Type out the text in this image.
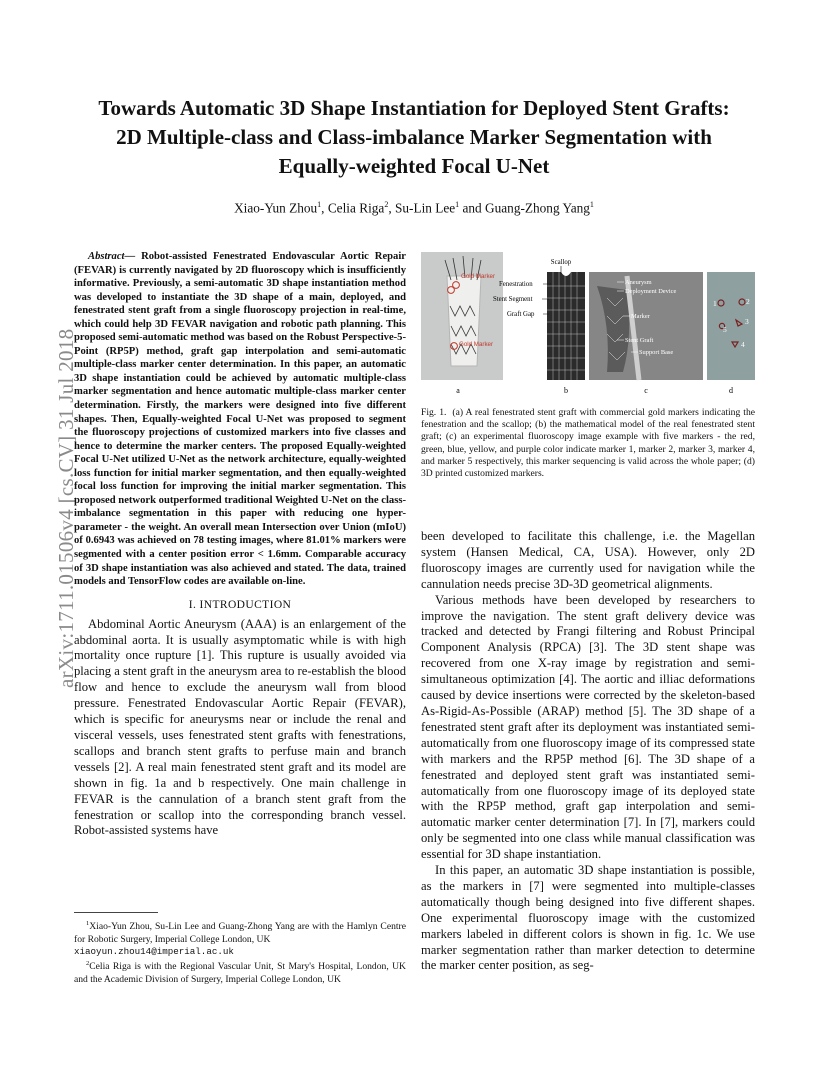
arXiv:1711.01506v4 [cs.CV] 31 Jul 2018
Towards Automatic 3D Shape Instantiation for Deployed Stent Grafts:
2D Multiple-class and Class-imbalance Marker Segmentation with
Equally-weighted Focal U-Net
Xiao-Yun Zhou$^1$, Celia Riga$^2$, Su-Lin Lee$^1$ and Guang-Zhong Yang$^1$

Abstract— Robot-assisted Fenestrated Endovascular Aortic Repair (FEVAR) is currently navigated by 2D fluoroscopy which is insufficiently informative. Previously, a semi-automatic 3D shape instantiation method was developed to instantiate the 3D shape of a main, deployed, and fenestrated stent graft from a single fluoroscopy projection in real-time, which could help 3D FEVAR navigation and robotic path planning. This proposed semi-automatic method was based on the Robust Perspective-5-Point (RP5P) method, graft gap interpolation and semi-automatic multiple-class marker center determination. In this paper, an automatic 3D shape instantiation could be achieved by automatic multiple-class marker segmentation and hence automatic multiple-class marker center determination. Firstly, the markers were designed into five different shapes. Then, Equally-weighted Focal U-Net was proposed to segment the fluoroscopy projections of customized markers into five classes and hence to determine the marker centers. The proposed Equally-weighted Focal U-Net utilized U-Net as the network architecture, equally-weighted loss function for initial marker segmentation, and then equally-weighted focal loss function for improving the initial marker segmentation. This proposed network outperformed traditional Weighted U-Net on the class-imbalance segmentation in this paper with reducing one hyper-parameter - the weight. An overall mean Intersection over Union (mIoU) of 0.6943 was achieved on 78 testing images, where 81.01% markers were segmented with a center position error < 1.6mm. Comparable accuracy of 3D shape instantiation was also achieved and stated. The data, trained models and TensorFlow codes are available on-line.

I. INTRODUCTION

Abdominal Aortic Aneurysm (AAA) is an enlargement of the abdominal aorta. It is usually asymptomatic while is with high mortality once rupture [1]. This rupture is usually avoided via placing a stent graft in the aneurysm area to re-establish the blood flow and hence to exclude the aneurysm wall from blood pressure. Fenestrated Endovascular Aortic Repair (FEVAR), which is specific for aneurysms near or include the renal and visceral vessels, uses fenestrated stent grafts with fenestrations, scallops and branch stent grafts to perfuse main and branch vessels [2]. A real main fenestrated stent graft and its model are shown in fig. 1a and b respectively. One main challenge in FEVAR is the cannulation of a branch stent graft from the fenestration or scallop into the corresponding branch vessel. Robot-assisted systems have

$^1$Xiao-Yun Zhou, Su-Lin Lee and Guang-Zhong Yang are with the Hamlyn Centre for Robotic Surgery, Imperial College London, UK
xiaoyun.zhou14@imperial.ac.uk

$^2$Celia Riga is with the Regional Vascular Unit, St Mary's Hospital, London, UK and the Academic Division of Surgery, Imperial College London, UK

Gold Marker
Gold Marker
Scallop
Fenestration
Stent Segment
Graft Gap
Aneurysm
Deployment Device
Marker
Stent Graft
Support Base
1	2
3
4
5
a	b	c	d
Fig. 1. (a) A real fenestrated stent graft with commercial gold markers indicating the fenestration and the scallop; (b) the mathematical model of the real fenestrated stent graft; (c) an experimental fluoroscopy image example with five markers - the red, green, blue, yellow, and purple color indicate marker 1, marker 2, marker 3, marker 4, and marker 5 respectively, this marker sequencing is valid across the whole paper; (d) 3D printed customized markers.

been developed to facilitate this challenge, i.e. the Magellan system (Hansen Medical, CA, USA). However, only 2D fluoroscopy images are currently used for navigation while the cannulation needs precise 3D-3D geometrical alignments.

Various methods have been developed by researchers to improve the navigation. The stent graft delivery device was tracked and detected by Frangi filtering and Robust Principal Component Analysis (RPCA) [3]. The 3D stent shape was recovered from one X-ray image by registration and semi-simultaneous optimization [4]. The aortic and illiac deformations caused by device insertions were corrected by the skeleton-based As-Rigid-As-Possible (ARAP) method [5]. The 3D shape of a fenestrated stent graft after its deployment was instantiated semi-automatically from one fluoroscopy image of its compressed state with markers and the RP5P method [6]. The 3D shape of a fenestrated and deployed stent graft was instantiated semi-automatically from one fluoroscopy image of its deployed state with the RP5P method, graft gap interpolation and semi-automatic marker center determination [7]. In [7], markers could only be segmented into one class while manual classification was essential for 3D shape instantiation.

In this paper, an automatic 3D shape instantiation is possible, as the markers in [7] were segmented into multiple-classes automatically though being designed into five different shapes. One experimental fluoroscopy image with the customized markers labeled in different colors is shown in fig. 1c. We use marker segmentation rather than marker detection to determine the marker center position, as seg-
